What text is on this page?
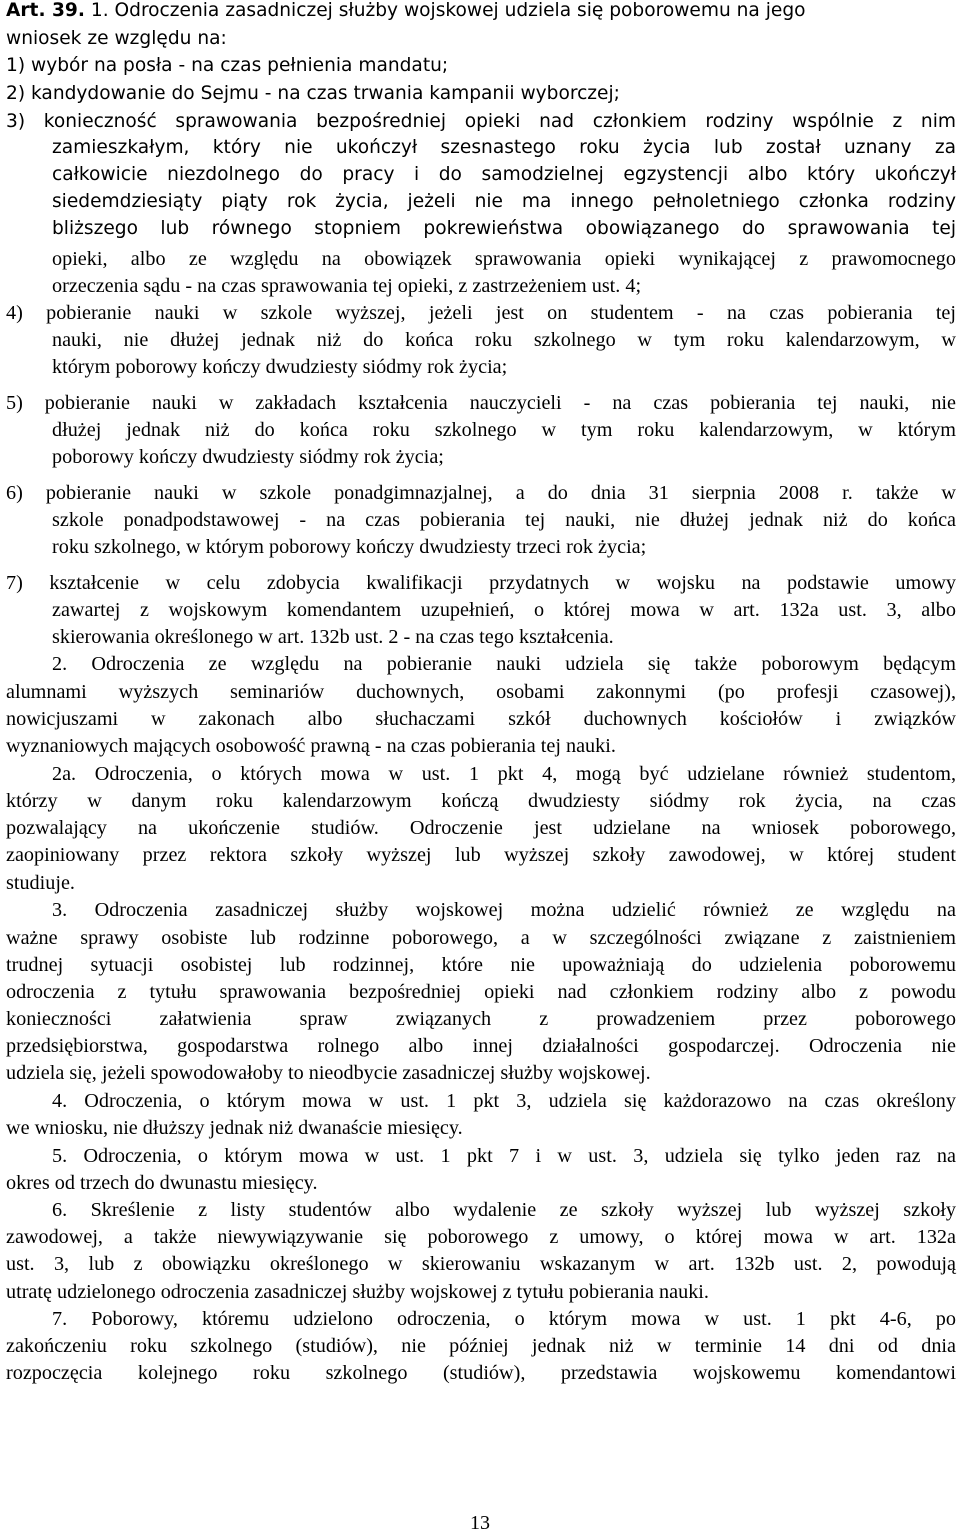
Art. 39. 1. Odroczenia zasadniczej służby wojskowej udziela się poborowemu na jego
wniosek ze względu na:
1) wybór na posła - na czas pełnienia mandatu;
2) kandydowanie do Sejmu - na czas trwania kampanii wyborczej;
3) konieczność sprawowania bezpośredniej opieki nad członkiem rodziny wspólnie z nim
zamieszkałym, który nie ukończył szesnastego roku życia lub został uznany za
całkowicie niezdolnego do pracy i do samodzielnej egzystencji albo który ukończył
siedemdziesiąty piąty rok życia, jeżeli nie ma innego pełnoletniego członka rodziny
bliższego lub równego stopniem pokrewieństwa obowiązanego do sprawowania tej
opieki, albo ze względu na obowiązek sprawowania opieki wynikającej z prawomocnego
orzeczenia sądu - na czas sprawowania tej opieki, z zastrzeżeniem ust. 4;
4) pobieranie nauki w szkole wyższej, jeżeli jest on studentem - na czas pobierania tej
nauki, nie dłużej jednak niż do końca roku szkolnego w tym roku kalendarzowym, w
którym poborowy kończy dwudziesty siódmy rok życia;
5) pobieranie nauki w zakładach kształcenia nauczycieli - na czas pobierania tej nauki, nie
dłużej jednak niż do końca roku szkolnego w tym roku kalendarzowym, w którym
poborowy kończy dwudziesty siódmy rok życia;
6) pobieranie nauki w szkole ponadgimnazjalnej, a do dnia 31 sierpnia 2008 r. także w
szkole ponadpodstawowej - na czas pobierania tej nauki, nie dłużej jednak niż do końca
roku szkolnego, w którym poborowy kończy dwudziesty trzeci rok życia;
7) kształcenie w celu zdobycia kwalifikacji przydatnych w wojsku na podstawie umowy
zawartej z wojskowym komendantem uzupełnień, o której mowa w art. 132a ust. 3, albo
skierowania określonego w art. 132b ust. 2 - na czas tego kształcenia.
2. Odroczenia ze względu na pobieranie nauki udziela się także poborowym będącym
alumnami wyższych seminariów duchownych, osobami zakonnymi (po profesji czasowej),
nowicjuszami w zakonach albo słuchaczami szkół duchownych kościołów i związków
wyznaniowych mających osobowość prawną - na czas pobierania tej nauki.
2a. Odroczenia, o których mowa w ust. 1 pkt 4, mogą być udzielane również studentom,
którzy w danym roku kalendarzowym kończą dwudziesty siódmy rok życia, na czas
pozwalający na ukończenie studiów. Odroczenie jest udzielane na wniosek poborowego,
zaopiniowany przez rektora szkoły wyższej lub wyższej szkoły zawodowej, w której student
studiuje.
3. Odroczenia zasadniczej służby wojskowej można udzielić również ze względu na
ważne sprawy osobiste lub rodzinne poborowego, a w szczególności związane z zaistnieniem
trudnej sytuacji osobistej lub rodzinnej, które nie upoważniają do udzielenia poborowemu
odroczenia z tytułu sprawowania bezpośredniej opieki nad członkiem rodziny albo z powodu
konieczności załatwienia spraw związanych z prowadzeniem przez poborowego
przedsiębiorstwa, gospodarstwa rolnego albo innej działalności gospodarczej. Odroczenia nie
udziela się, jeżeli spowodowałoby to nieodbycie zasadniczej służby wojskowej.
4. Odroczenia, o którym mowa w ust. 1 pkt 3, udziela się każdorazowo na czas określony
we wniosku, nie dłuższy jednak niż dwanaście miesięcy.
5. Odroczenia, o którym mowa w ust. 1 pkt 7 i w ust. 3, udziela się tylko jeden raz na
okres od trzech do dwunastu miesięcy.
6. Skreślenie z listy studentów albo wydalenie ze szkoły wyższej lub wyższej szkoły
zawodowej, a także niewywiązywanie się poborowego z umowy, o której mowa w art. 132a
ust. 3, lub z obowiązku określonego w skierowaniu wskazanym w art. 132b ust. 2, powodują
utratę udzielonego odroczenia zasadniczej służby wojskowej z tytułu pobierania nauki.
7. Poborowy, któremu udzielono odroczenia, o którym mowa w ust. 1 pkt 4-6, po
zakończeniu roku szkolnego (studiów), nie później jednak niż w terminie 14 dni od dnia
rozpoczęcia kolejnego roku szkolnego (studiów), przedstawia wojskowemu komendantowi
13
